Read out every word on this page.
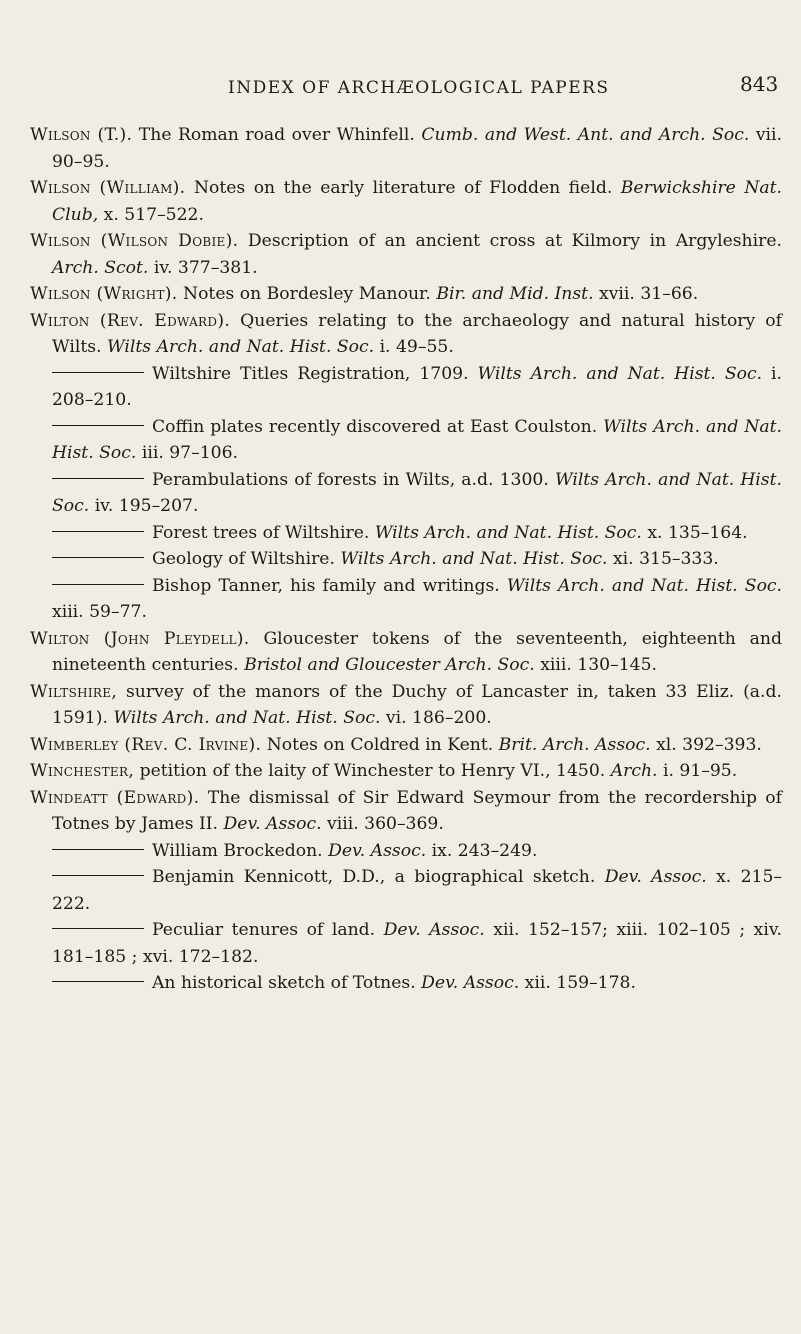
INDEX OF ARCHÆOLOGICAL PAPERS	843

Wilson (T.). The Roman road over Whinfell. Cumb. and West. Ant. and Arch. Soc. vii. 90–95.

Wilson (William). Notes on the early literature of Flodden field. Berwickshire Nat. Club, x. 517–522.

Wilson (Wilson Dobie). Description of an ancient cross at Kilmory in Argyleshire. Arch. Scot. iv. 377–381.

Wilson (Wright). Notes on Bordesley Manour. Bir. and Mid. Inst. xvii. 31–66.

Wilton (Rev. Edward). Queries relating to the archaeology and natural history of Wilts. Wilts Arch. and Nat. Hist. Soc. i. 49–55.

Wiltshire Titles Registration, 1709. Wilts Arch. and Nat. Hist. Soc. i. 208–210.

Coffin plates recently discovered at East Coulston. Wilts Arch. and Nat. Hist. Soc. iii. 97–106.

Perambulations of forests in Wilts, a.d. 1300. Wilts Arch. and Nat. Hist. Soc. iv. 195–207.

Forest trees of Wiltshire. Wilts Arch. and Nat. Hist. Soc. x. 135–164.

Geology of Wiltshire. Wilts Arch. and Nat. Hist. Soc. xi. 315–333.

Bishop Tanner, his family and writings. Wilts Arch. and Nat. Hist. Soc. xiii. 59–77.

Wilton (John Pleydell). Gloucester tokens of the seventeenth, eighteenth and nineteenth centuries. Bristol and Gloucester Arch. Soc. xiii. 130–145.

Wiltshire, survey of the manors of the Duchy of Lancaster in, taken 33 Eliz. (a.d. 1591). Wilts Arch. and Nat. Hist. Soc. vi. 186–200.

Wimberley (Rev. C. Irvine). Notes on Coldred in Kent. Brit. Arch. Assoc. xl. 392–393.

Winchester, petition of the laity of Winchester to Henry VI., 1450. Arch. i. 91–95.

Windeatt (Edward). The dismissal of Sir Edward Seymour from the recordership of Totnes by James II. Dev. Assoc. viii. 360–369.

William Brockedon. Dev. Assoc. ix. 243–249.

Benjamin Kennicott, D.D., a biographical sketch. Dev. Assoc. x. 215–222.

Peculiar tenures of land. Dev. Assoc. xii. 152–157; xiii. 102–105 ; xiv. 181–185 ; xvi. 172–182.

An historical sketch of Totnes. Dev. Assoc. xii. 159–178.
